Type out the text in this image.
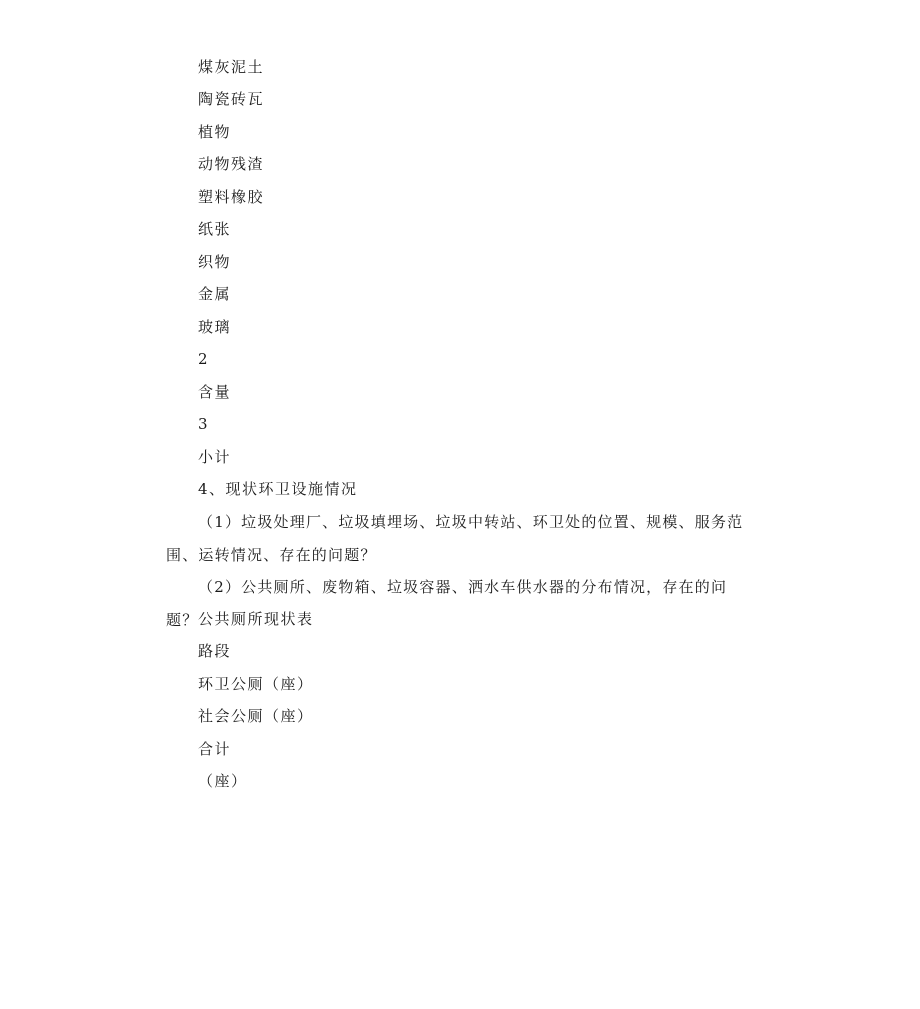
煤灰泥土
陶瓷砖瓦
植物
动物残渣
塑料橡胶
纸张
织物
金属
玻璃
2
含量
3
小计
4、现状环卫设施情况
（1）垃圾处理厂、垃圾填埋场、垃圾中转站、环卫处的位置、规模、服务范围、运转情况、存在的问题？
（2）公共厕所、废物箱、垃圾容器、洒水车供水器的分布情况，存在的问题？ 公共厕所现状表
路段
环卫公厕（座）
社会公厕（座）
合计
（座）
